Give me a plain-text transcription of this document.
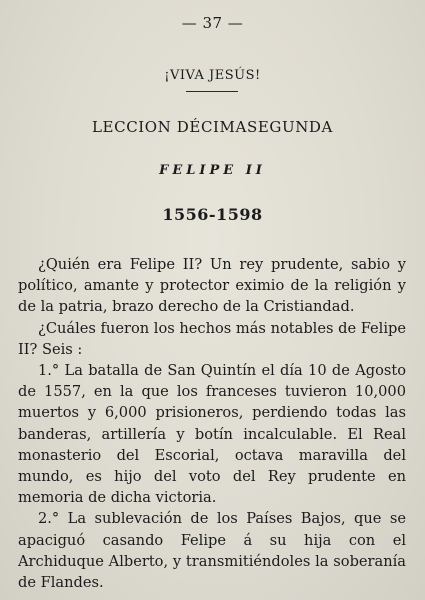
— 37 —
¡VIVA JESÚS!
LECCION DÉCIMASEGUNDA
FELIPE II
1556-1598

¿Quién era Felipe II? Un rey prudente, sabio y político, amante y protector eximio de la religión y de la patria, brazo derecho de la Cristiandad.

¿Cuáles fueron los hechos más notables de Felipe II? Seis :

1.° La batalla de San Quintín el día 10 de Agosto de 1557, en la que los franceses tuvieron 10,000 muertos y 6,000 prisioneros, perdiendo todas las banderas, artillería y botín incalculable. El Real monasterio del Escorial, octava maravilla del mundo, es hijo del voto del Rey prudente en memoria de dicha victoria.

2.° La sublevación de los Países Bajos, que se apaciguó casando Felipe á su hija con el Archiduque Alberto, y transmitiéndoles la soberanía de Flandes.
